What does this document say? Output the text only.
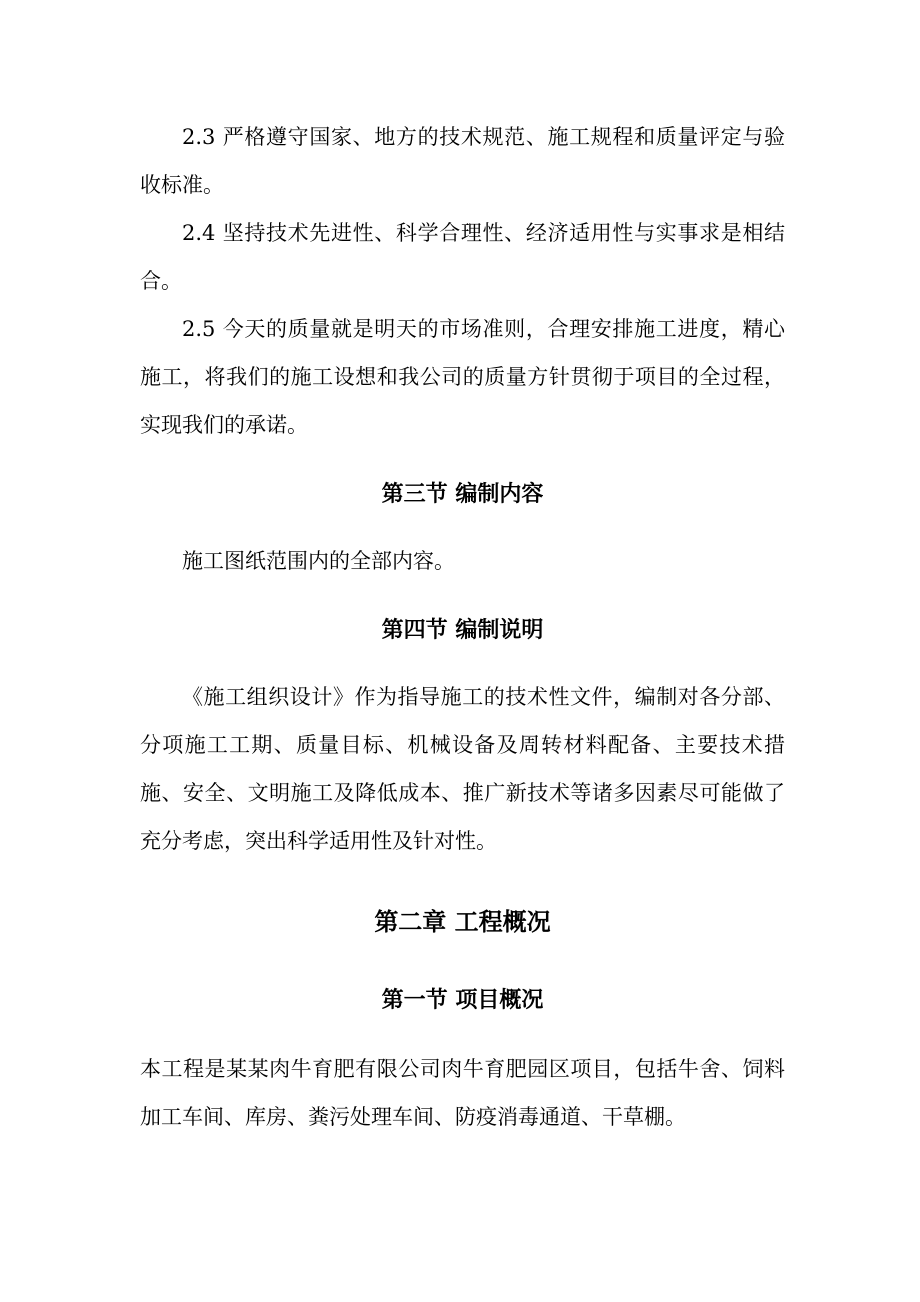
2.3 严格遵守国家、地方的技术规范、施工规程和质量评定与验收标准。

2.4 坚持技术先进性、科学合理性、经济适用性与实事求是相结合。

2.5 今天的质量就是明天的市场准则，合理安排施工进度，精心施工，将我们的施工设想和我公司的质量方针贯彻于项目的全过程，实现我们的承诺。

第三节 编制内容

施工图纸范围内的全部内容。

第四节 编制说明

《施工组织设计》作为指导施工的技术性文件，编制对各分部、分项施工工期、质量目标、机械设备及周转材料配备、主要技术措施、安全、文明施工及降低成本、推广新技术等诸多因素尽可能做了充分考虑，突出科学适用性及针对性。

第二章 工程概况
第一节 项目概况

本工程是某某肉牛育肥有限公司肉牛育肥园区项目，包括牛舍、饲料加工车间、库房、粪污处理车间、防疫消毒通道、干草棚。
